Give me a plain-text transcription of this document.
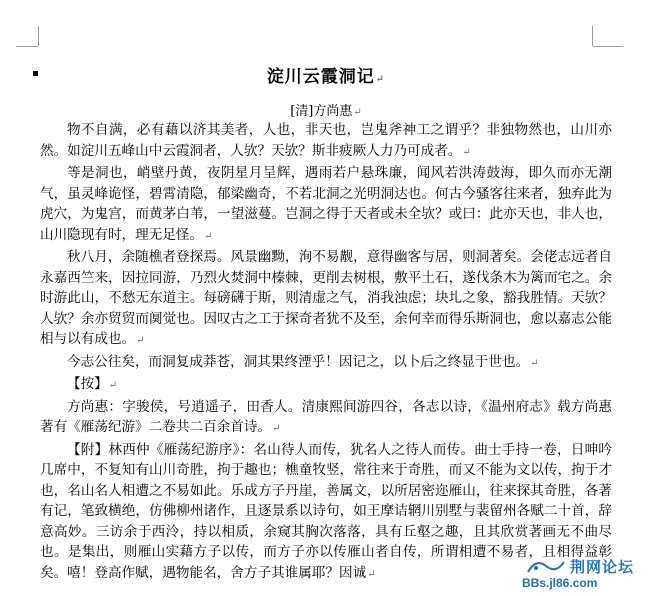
淀川云霞洞记↵
[清]方尚惠↵

物不自满，必有藉以济其美者，人也，非天也，岂鬼斧神工之谓乎？非独物然也，山川亦然。如淀川五峰山中云霞洞者，人欤？天欤？斯非疲厥人力乃可成者。↵

等是洞也，峭壁丹黄，夜阴星月呈辉，遇雨若户悬珠廉，闻风若洪涛鼓海，即久而亦无潮气，虽灵峰诡怪，碧霄清隐，郁梁幽奇，不若北洞之光明洞达也。何古今骚客往来者，独弃此为虎穴，为鬼宫，而黄茅白苇，一望滋蔓。岂洞之得于天者或未全欤？或曰：此亦天也，非人也，山川隐现有时，理无足怪。↵

秋八月，余随樵者登探焉。风景幽黝，洵不易觏，意得幽客与居，则洞著矣。会佬志远者自永嘉西竺来，因拉同游，乃烈火焚洞中榛棘，更削去树根，敷平土石，遂伐条木为篱而宅之。余时游此山，不愁无东道主。每磅礴于斯，则清虚之气，消我浊虑；块圠之象，豁我胜情。天欤？人欤？余亦贸贸而阒觉也。因叹古之工于探奇者犹不及至，余何幸而得乐斯洞也，愈以嘉志公能相与以有成也。↵

今志公往矣，而洞复成莽苍，洞其果终湮乎！因记之，以卜后之终显于世也。↵

【按】↵

方尚惠：字骏侯，号逍遥子，田香人。清康熙间游四谷，各志以诗，《温州府志》载方尚惠著有《雁荡纪游》二卷共二百余首诗。↵

【附】林西仲《雁荡纪游序》：名山待人而传，犹名人之待人而传。曲士手持一卷，日呻吟几席中，不复知有山川奇胜，拘于趣也；樵童牧竖，常往来于奇胜，而又不能为文以传，拘于才也，名山名人相遭之不易如此。乐成方子丹崖，善属文，以所居密迩雁山，往来探其奇胜，各著有记，笔致横绝，仿佛柳州诸作，且逐景系以诗句，如王摩诘辋川别墅与裴留州各赋二十首，辞意高妙。三访余于西泠，持以相质，余窥其胸次落落，具有丘壑之趣，且其欣赏著画无不曲尽也。是集出，则雁山实藉方子以传，而方子亦以传雁山者自传，所谓相遭不易者，且相得益彰矣。嘻！登高作赋，遇物能名，舍方子其谁属耶？因诚↵	荆网论坛
BBs.jl86.com
